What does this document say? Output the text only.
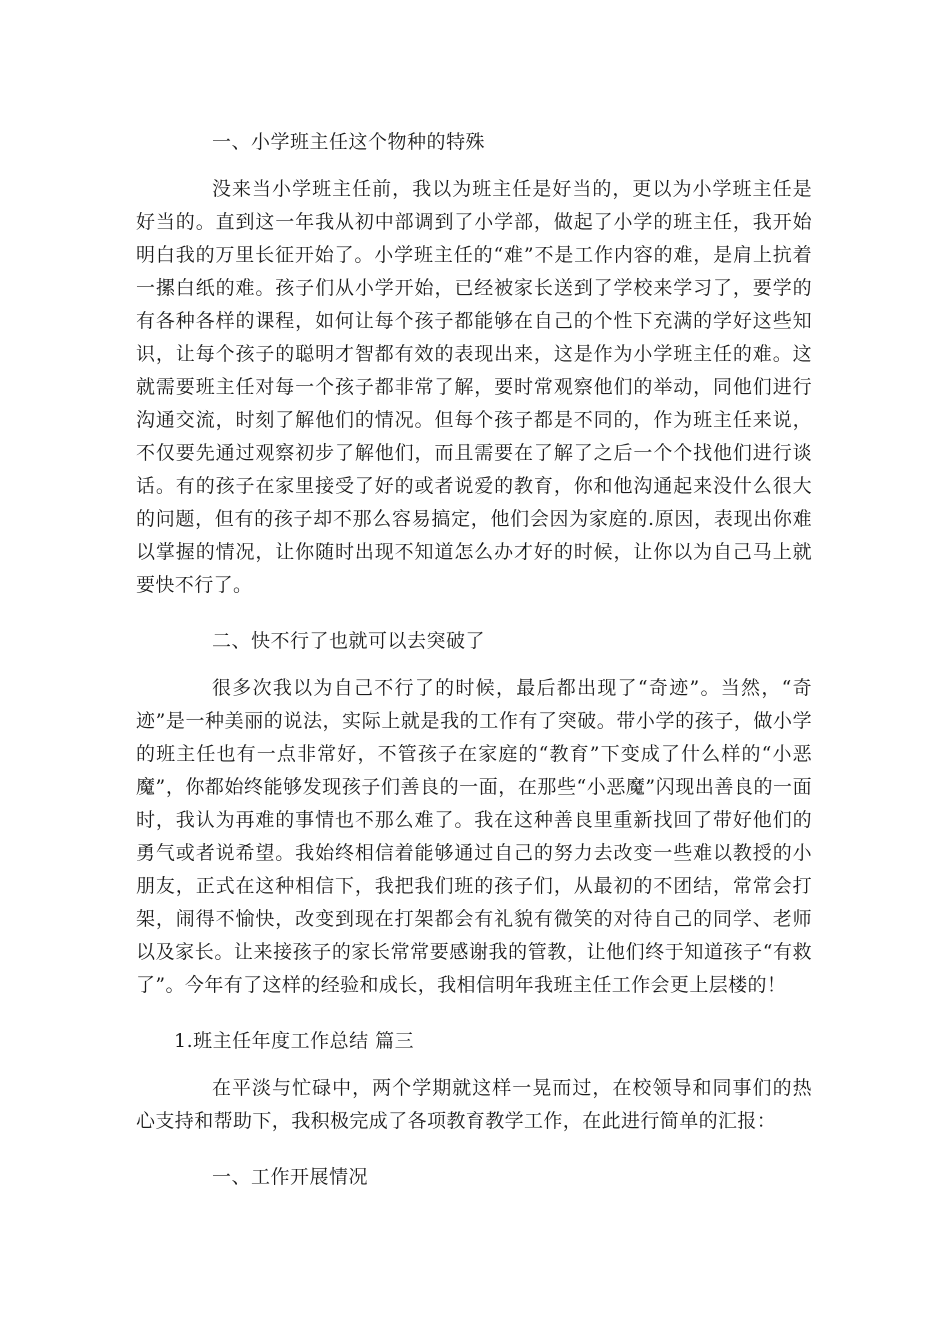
一、小学班主任这个物种的特殊

没来当小学班主任前，我以为班主任是好当的，更以为小学班主任是好当的。直到这一年我从初中部调到了小学部，做起了小学的班主任，我开始明白我的万里长征开始了。小学班主任的“难”不是工作内容的难，是肩上抗着一摞白纸的难。孩子们从小学开始，已经被家长送到了学校来学习了，要学的有各种各样的课程，如何让每个孩子都能够在自己的个性下充满的学好这些知识，让每个孩子的聪明才智都有效的表现出来，这是作为小学班主任的难。这就需要班主任对每一个孩子都非常了解，要时常观察他们的举动，同他们进行沟通交流，时刻了解他们的情况。但每个孩子都是不同的，作为班主任来说，不仅要先通过观察初步了解他们，而且需要在了解了之后一个个找他们进行谈话。有的孩子在家里接受了好的或者说爱的教育，你和他沟通起来没什么很大的问题，但有的孩子却不那么容易搞定，他们会因为家庭的.原因，表现出你难以掌握的情况，让你随时出现不知道怎么办才好的时候，让你以为自己马上就要快不行了。

二、快不行了也就可以去突破了

很多次我以为自己不行了的时候，最后都出现了“奇迹”。当然，“奇迹”是一种美丽的说法，实际上就是我的工作有了突破。带小学的孩子，做小学的班主任也有一点非常好，不管孩子在家庭的“教育”下变成了什么样的“小恶魔”，你都始终能够发现孩子们善良的一面，在那些“小恶魔”闪现出善良的一面时，我认为再难的事情也不那么难了。我在这种善良里重新找回了带好他们的勇气或者说希望。我始终相信着能够通过自己的努力去改变一些难以教授的小朋友，正式在这种相信下，我把我们班的孩子们，从最初的不团结，常常会打架，闹得不愉快，改变到现在打架都会有礼貌有微笑的对待自己的同学、老师以及家长。让来接孩子的家长常常要感谢我的管教，让他们终于知道孩子“有救了”。今年有了这样的经验和成长，我相信明年我班主任工作会更上层楼的！

1.班主任年度工作总结 篇三

在平淡与忙碌中，两个学期就这样一晃而过，在校领导和同事们的热心支持和帮助下，我积极完成了各项教育教学工作，在此进行简单的汇报：

一、工作开展情况
